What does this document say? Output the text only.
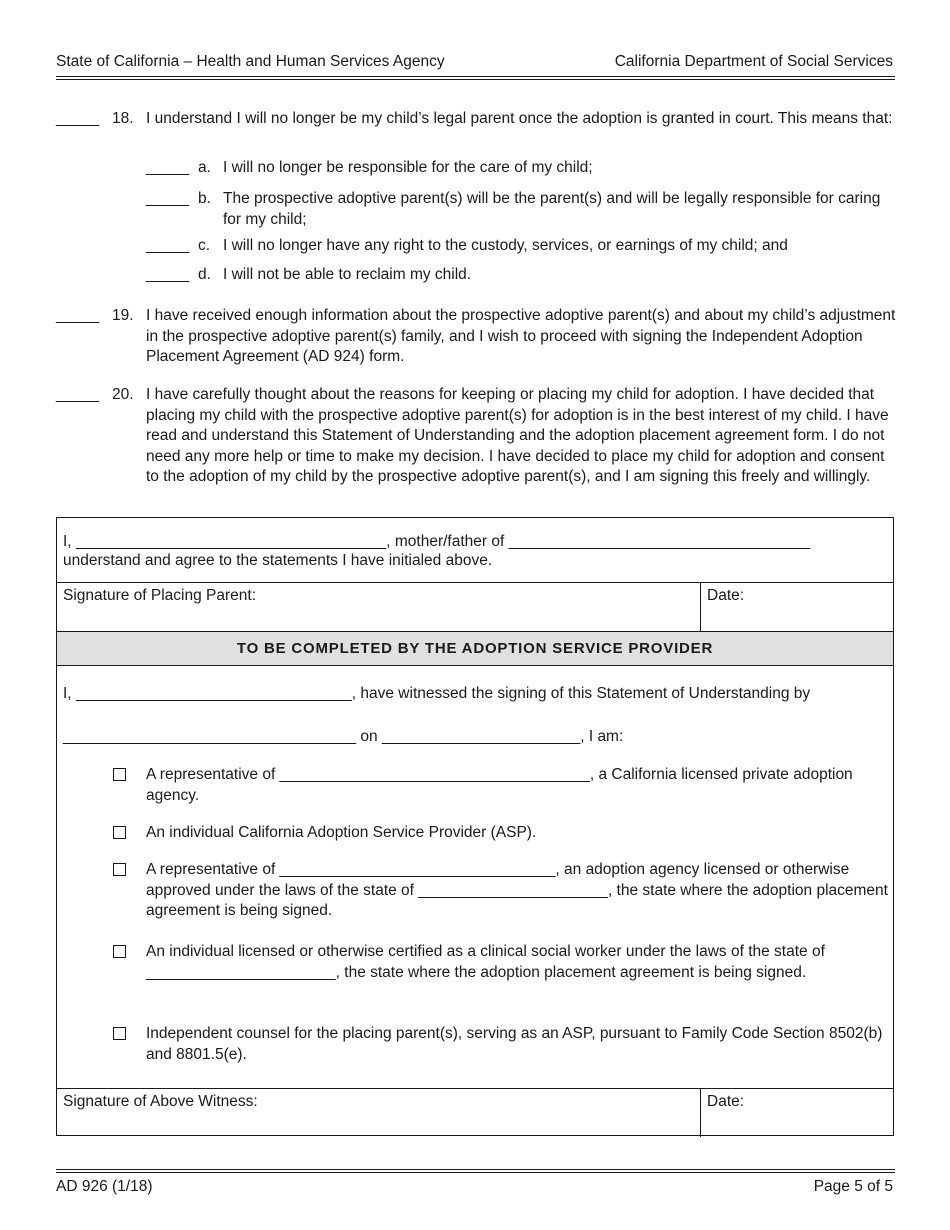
State of California – Health and Human Services Agency	California Department of Social Services
_____ 18. I understand I will no longer be my child’s legal parent once the adoption is granted in court. This means that:
_____ a. I will no longer be responsible for the care of my child;
_____ b. The prospective adoptive parent(s) will be the parent(s) and will be legally responsible for caring for my child;
_____ c. I will no longer have any right to the custody, services, or earnings of my child; and
_____ d. I will not be able to reclaim my child.
_____ 19. I have received enough information about the prospective adoptive parent(s) and about my child’s adjustment in the prospective adoptive parent(s) family, and I wish to proceed with signing the Independent Adoption Placement Agreement (AD 924) form.
_____ 20. I have carefully thought about the reasons for keeping or placing my child for adoption. I have decided that placing my child with the prospective adoptive parent(s) for adoption is in the best interest of my child. I have read and understand this Statement of Understanding and the adoption placement agreement form. I do not need any more help or time to make my decision. I have decided to place my child for adoption and consent to the adoption of my child by the prospective adoptive parent(s), and I am signing this freely and willingly.
I, ____________________________________, mother/father of ___________________________________
understand and agree to the statements I have initialed above.
Signature of Placing Parent:	Date:
TO BE COMPLETED BY THE ADOPTION SERVICE PROVIDER
I, ________________________________, have witnessed the signing of this Statement of Understanding by
__________________________________ on _______________________, I am:
A representative of ____________________________________, a California licensed private adoption agency.
An individual California Adoption Service Provider (ASP).
A representative of ________________________________, an adoption agency licensed or otherwise approved under the laws of the state of ______________________, the state where the adoption placement agreement is being signed.
An individual licensed or otherwise certified as a clinical social worker under the laws of the state of ______________________, the state where the adoption placement agreement is being signed.
Independent counsel for the placing parent(s), serving as an ASP, pursuant to Family Code Section 8502(b) and 8801.5(e).
Signature of Above Witness:	Date:
AD 926 (1/18)	Page 5 of 5
